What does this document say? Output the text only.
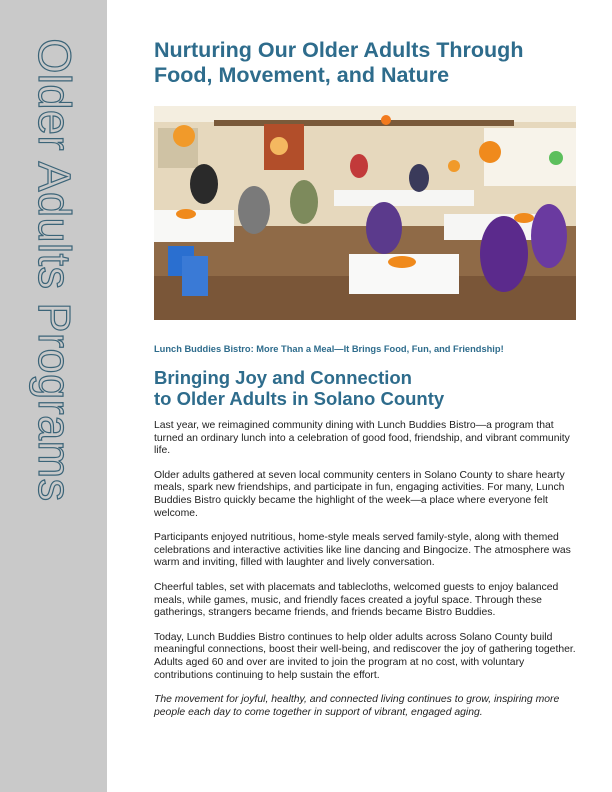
Older Adults Programs	Nurturing Our Older Adults Through Food, Movement, and Nature
Lunch Buddies Bistro: More Than a Meal—It Brings Food, Fun, and Friendship!
Bringing Joy and Connection
to Older Adults in Solano County

Last year, we reimagined community dining with Lunch Buddies Bistro—a program that turned an ordinary lunch into a celebration of good food, friendship, and vibrant community life.

Older adults gathered at seven local community centers in Solano County to share hearty meals, spark new friendships, and participate in fun, engaging activities. For many, Lunch Buddies Bistro quickly became the highlight of the week—a place where everyone felt welcome.

Participants enjoyed nutritious, home-style meals served family-style, along with themed celebrations and interactive activities like line dancing and Bingocize. The atmosphere was warm and inviting, filled with laughter and lively conversation.

Cheerful tables, set with placemats and tablecloths, welcomed guests to enjoy balanced meals, while games, music, and friendly faces created a joyful space. Through these gatherings, strangers became friends, and friends became Bistro Buddies.

Today, Lunch Buddies Bistro continues to help older adults across Solano County build meaningful connections, boost their well-being, and rediscover the joy of gathering together. Adults aged 60 and over are invited to join the program at no cost, with voluntary contributions continuing to help sustain the effort.

The movement for joyful, healthy, and connected living continues to grow, inspiring more people each day to come together in support of vibrant, engaged aging.
